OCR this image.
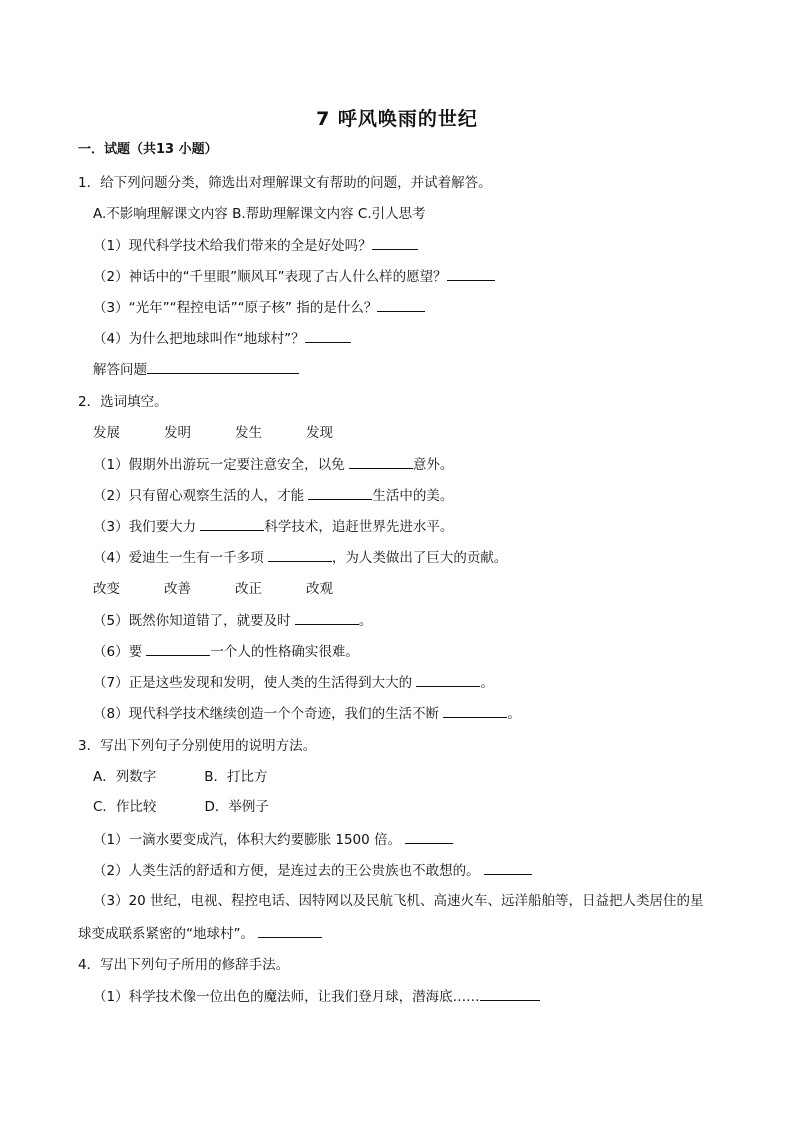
7 呼风唤雨的世纪
一．试题（共13 小题）
1．给下列问题分类，筛选出对理解课文有帮助的问题，并试着解答。
A.不影响理解课文内容 B.帮助理解课文内容 C.引人思考
（1）现代科学技术给我们带来的全是好处吗？
（2）神话中的“千里眼”顺风耳”表现了古人什么样的愿望？
（3）“光年”“程控电话”“原子核” 指的是什么？
（4）为什么把地球叫作“地球村”？
解答问题
2．选词填空。
发展	发明	发生	发现
（1）假期外出游玩一定要注意安全，以免	意外。
（2）只有留心观察生活的人，才能	生活中的美。
（3）我们要大力	科学技术，追赶世界先进水平。
（4）爱迪生一生有一千多项	，为人类做出了巨大的贡献。
改变	改善	改正	改观
（5）既然你知道错了，就要及时	。
（6）要	一个人的性格确实很难。
（7）正是这些发现和发明，使人类的生活得到大大的	。
（8）现代科学技术继续创造一个个奇迹，我们的生活不断	。
3．写出下列句子分别使用的说明方法。
A．列数字	B．打比方
C．作比较	D．举例子
（1）一滴水要变成汽，体积大约要膨胀 1500 倍。
（2）人类生活的舒适和方便，是连过去的王公贵族也不敢想的。
（3）20 世纪，电视、程控电话、因特网以及民航飞机、高速火车、远洋船舶等，日益把人类居住的星
球变成联系紧密的“地球村”。
4．写出下列句子所用的修辞手法。
（1）科学技术像一位出色的魔法师，让我们登月球，潜海底……
